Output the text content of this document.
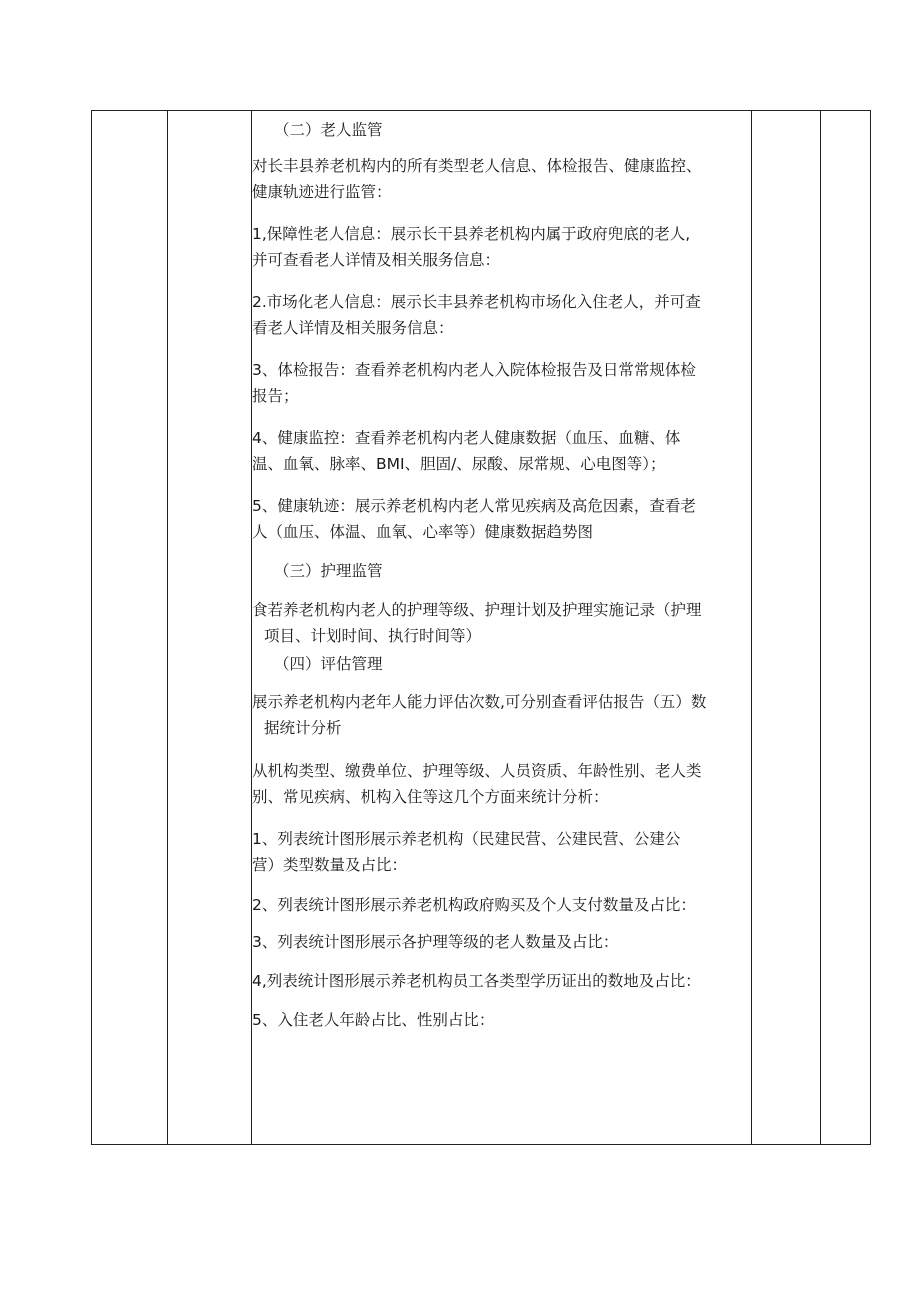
（二）老人监管
对长丰县养老机构内的所有类型老人信息、体检报告、健康监控、
健康轨迹进行监管：
1,保障性老人信息：展示长干县养老机构内属于政府兜底的老人,
并可查看老人详情及相关服务信息：
2.市场化老人信息：展示长丰县养老机构市场化入住老人，并可查
看老人详情及相关服务信息：
3、体检报告：查看养老机构内老人入院体检报告及日常常规体检
报告；
4、健康监控：查看养老机构内老人健康数据（血压、血糖、体
温、血氧、脉率、BMI、胆固/、尿酸、尿常规、心电图等）；
5、健康轨迹：展示养老机构内老人常见疾病及高危因素，查看老
人（血压、体温、血氧、心率等）健康数据趋势图
（三）护理监管
食若养老机构内老人的护理等级、护理计划及护理实施记录（护理
项目、计划时间、执行时间等）
（四）评估管理
展示养老机构内老年人能力评估次数,可分别查看评估报告（五）数
据统计分析
从机构类型、缴费单位、护理等级、人员资质、年龄性别、老人类
别、常见疾病、机构入住等这几个方面来统计分析：
1、列表统计图形展示养老机构（民建民营、公建民营、公建公
营）类型数量及占比：
2、列表统计图形展示养老机构政府购买及个人支付数量及占比：
3、列表统计图形展示各护理等级的老人数量及占比：
4,列表统计图形展示养老机构员工各类型学历证出的数地及占比：
5、入住老人年龄占比、性别占比：
